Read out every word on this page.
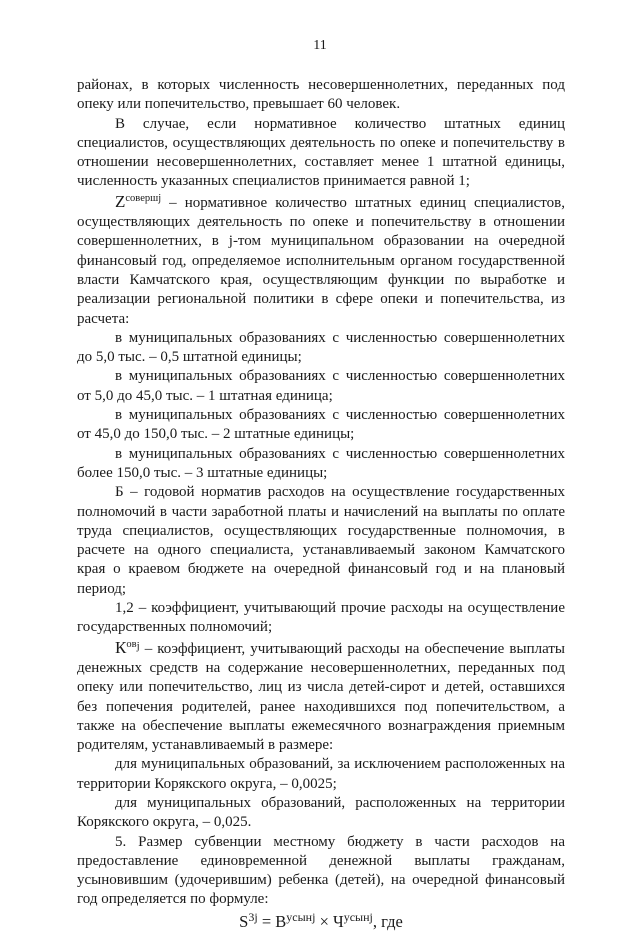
11

районах, в которых численность несовершеннолетних, переданных под опеку или попечительство, превышает 60 человек.

В случае, если нормативное количество штатных единиц специалистов, осуществляющих деятельность по опеке и попечительству в отношении несовершеннолетних, составляет менее 1 штатной единицы, численность указанных специалистов принимается равной 1;

$Z^{совершj}$ – нормативное количество штатных единиц специалистов, осуществляющих деятельность по опеке и попечительству в отношении совершеннолетних, в j-том муниципальном образовании на очередной финансовый год, определяемое исполнительным органом государственной власти Камчатского края, осуществляющим функции по выработке и реализации региональной политики в сфере опеки и попечительства, из расчета:

в муниципальных образованиях с численностью совершеннолетних до 5,0 тыс. – 0,5 штатной единицы;

в муниципальных образованиях с численностью совершеннолетних от 5,0 до 45,0 тыс. – 1 штатная единица;

в муниципальных образованиях с численностью совершеннолетних от 45,0 до 150,0 тыс. – 2 штатные единицы;

в муниципальных образованиях с численностью совершеннолетних более 150,0 тыс. – 3 штатные единицы;

Б – годовой норматив расходов на осуществление государственных полномочий в части заработной платы и начислений на выплаты по оплате труда специалистов, осуществляющих государственные полномочия, в расчете на одного специалиста, устанавливаемый законом Камчатского края о краевом бюджете на очередной финансовый год и на плановый период;

1,2 – коэффициент, учитывающий прочие расходы на осуществление государственных полномочий;

$К^{овj}$ – коэффициент, учитывающий расходы на обеспечение выплаты денежных средств на содержание несовершеннолетних, переданных под опеку или попечительство, лиц из числа детей-сирот и детей, оставшихся без попечения родителей, ранее находившихся под попечительством, а также на обеспечение выплаты ежемесячного вознаграждения приемным родителям, устанавливаемый в размере:

для муниципальных образований, за исключением расположенных на территории Корякского округа, – 0,0025;

для муниципальных образований, расположенных на территории Корякского округа, – 0,025.

5. Размер субвенции местному бюджету в части расходов на предоставление единовременной денежной выплаты гражданам, усыновившим (удочерившим) ребенка (детей), на очередной финансовый год определяется по формуле:

$S^{3j} = В^{усынj} \times Ч^{усынj}$, где
